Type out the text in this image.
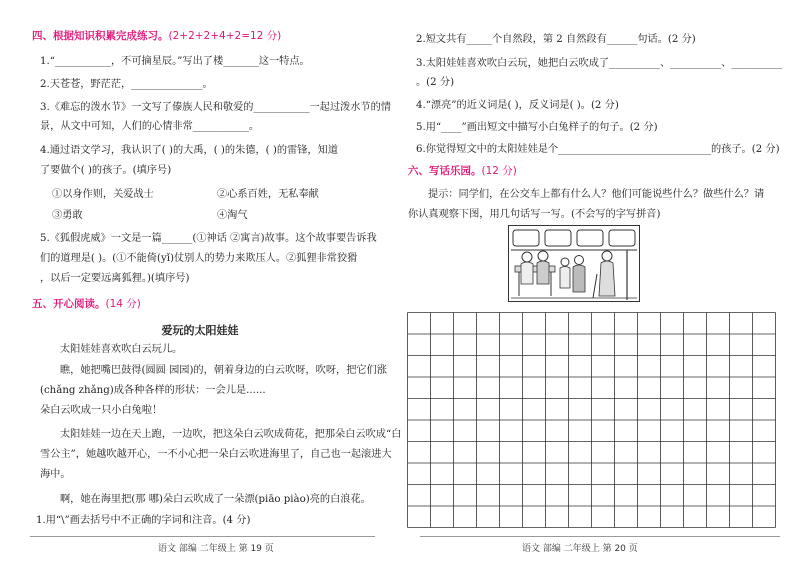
四、根据知识积累完成练习。(2+2+2+4+2=12 分)
1.“___________，不可摘星辰。”写出了楼_______这一特点。
2.天苍苍，野茫茫，______________。
3.《难忘的泼水节》一文写了傣族人民和敬爱的___________一起过泼水节的情
景，从文中可知，人们的心情非常___________。
4.通过语文学习，我认识了( )的大禹，( )的朱德，( )的雷锋，知道
了要做个( )的孩子。(填序号)
①以身作则，关爱战士	②心系百姓，无私奉献
③勇敢	④淘气
5.《狐假虎威》一文是一篇______(①神话 ②寓言)故事。这个故事要告诉我
们的道理是( )。(①不能倚(yǐ)仗别人的势力来欺压人。②狐狸非常狡猾
，以后一定要远离狐狸。)(填序号)
五、开心阅读。(14 分)
爱玩的太阳娃娃
太阳娃娃喜欢吹白云玩儿。
瞧，她把嘴巴鼓得(圆圆 园园)的，朝着身边的白云吹呀，吹呀，把它们涨
(chǎng zhǎng)成各种各样的形状：一会儿是......
朵白云吹成一只小白兔啦！
太阳娃娃一边在天上跑，一边吹，把这朵白云吹成荷花，把那朵白云吹成“白
雪公主”，她越吹越开心，一不小心把一朵白云吹进海里了，自己也一起滚进大
海中。
啊，她在海里把(那 哪)朵白云吹成了一朵漂(piāo piào)亮的白浪花。
1.用“\”画去括号中不正确的字词和注音。(4 分)
语文 部编 二年级上 第 19 页
2.短文共有_____个自然段，第 2 自然段有______句话。(2 分)
3.太阳娃娃喜欢吹白云玩，她把白云吹成了__________、__________、__________
。(2 分)
4.“漂亮”的近义词是( )，反义词是( )。(2 分)
5.用“____”画出短文中描写小白兔样子的句子。(2 分)
6.你觉得短文中的太阳娃娃是个______________________________的孩子。(2 分)
六、写话乐园。(12 分)
提示：同学们，在公交车上都有什么人？他们可能说些什么？做些什么？请
你认真观察下图，用几句话写一写。(不会写的字写拼音)
语文 部编 二年级上 第 20 页
